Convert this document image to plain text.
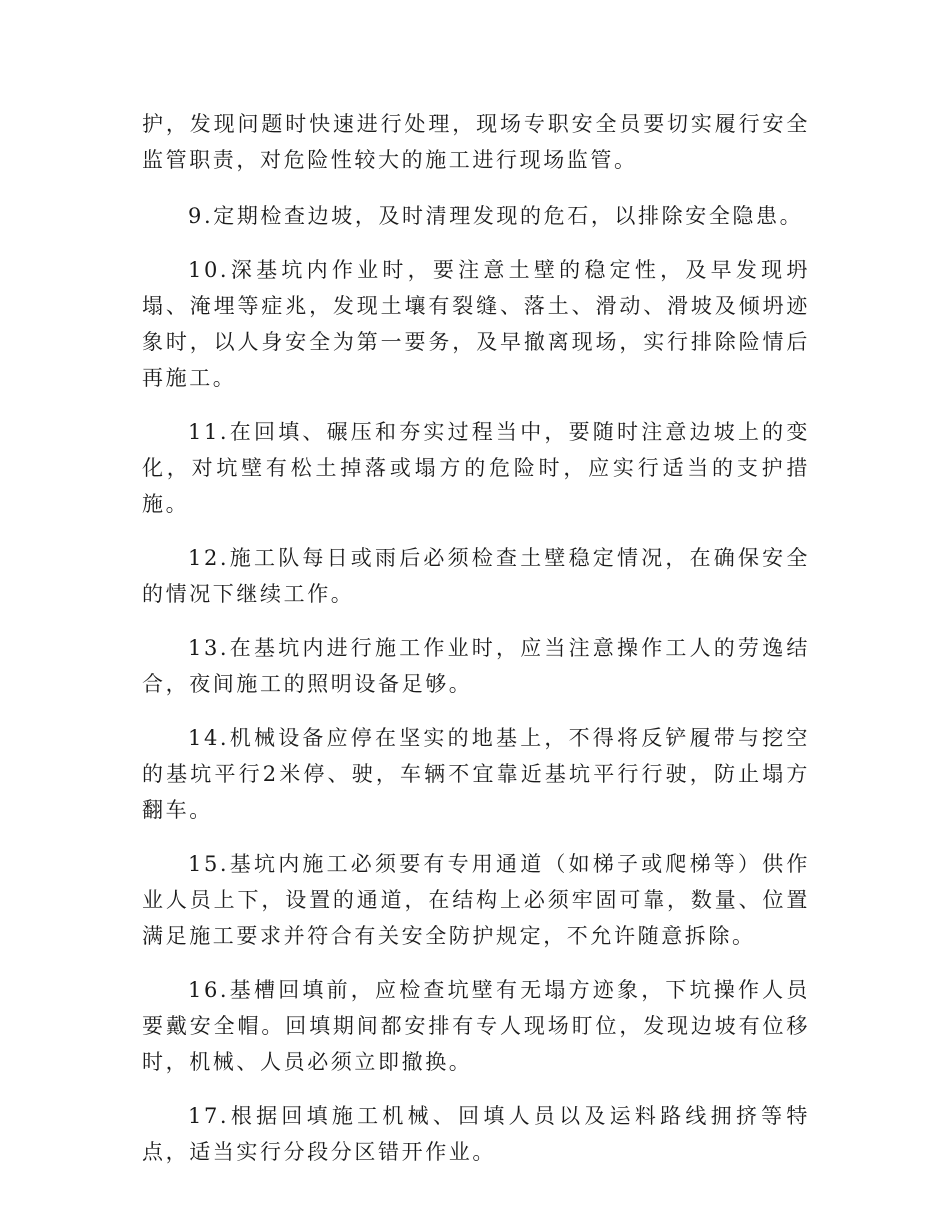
护，发现问题时快速进行处理，现场专职安全员要切实履行安全监管职责，对危险性较大的施工进行现场监管。

9.定期检查边坡，及时清理发现的危石，以排除安全隐患。

10.深基坑内作业时，要注意土壁的稳定性，及早发现坍塌、淹埋等症兆，发现土壤有裂缝、落土、滑动、滑坡及倾坍迹象时，以人身安全为第一要务，及早撤离现场，实行排除险情后再施工。

11.在回填、碾压和夯实过程当中，要随时注意边坡上的变化，对坑壁有松土掉落或塌方的危险时，应实行适当的支护措施。

12.施工队每日或雨后必须检查土壁稳定情况，在确保安全的情况下继续工作。

13.在基坑内进行施工作业时，应当注意操作工人的劳逸结合，夜间施工的照明设备足够。

14.机械设备应停在坚实的地基上，不得将反铲履带与挖空的基坑平行2米停、驶，车辆不宜靠近基坑平行行驶，防止塌方翻车。

15.基坑内施工必须要有专用通道（如梯子或爬梯等）供作业人员上下，设置的通道，在结构上必须牢固可靠，数量、位置满足施工要求并符合有关安全防护规定，不允许随意拆除。

16.基槽回填前，应检查坑壁有无塌方迹象，下坑操作人员要戴安全帽。回填期间都安排有专人现场盯位，发现边坡有位移时，机械、人员必须立即撤换。

17.根据回填施工机械、回填人员以及运料路线拥挤等特点，适当实行分段分区错开作业。
